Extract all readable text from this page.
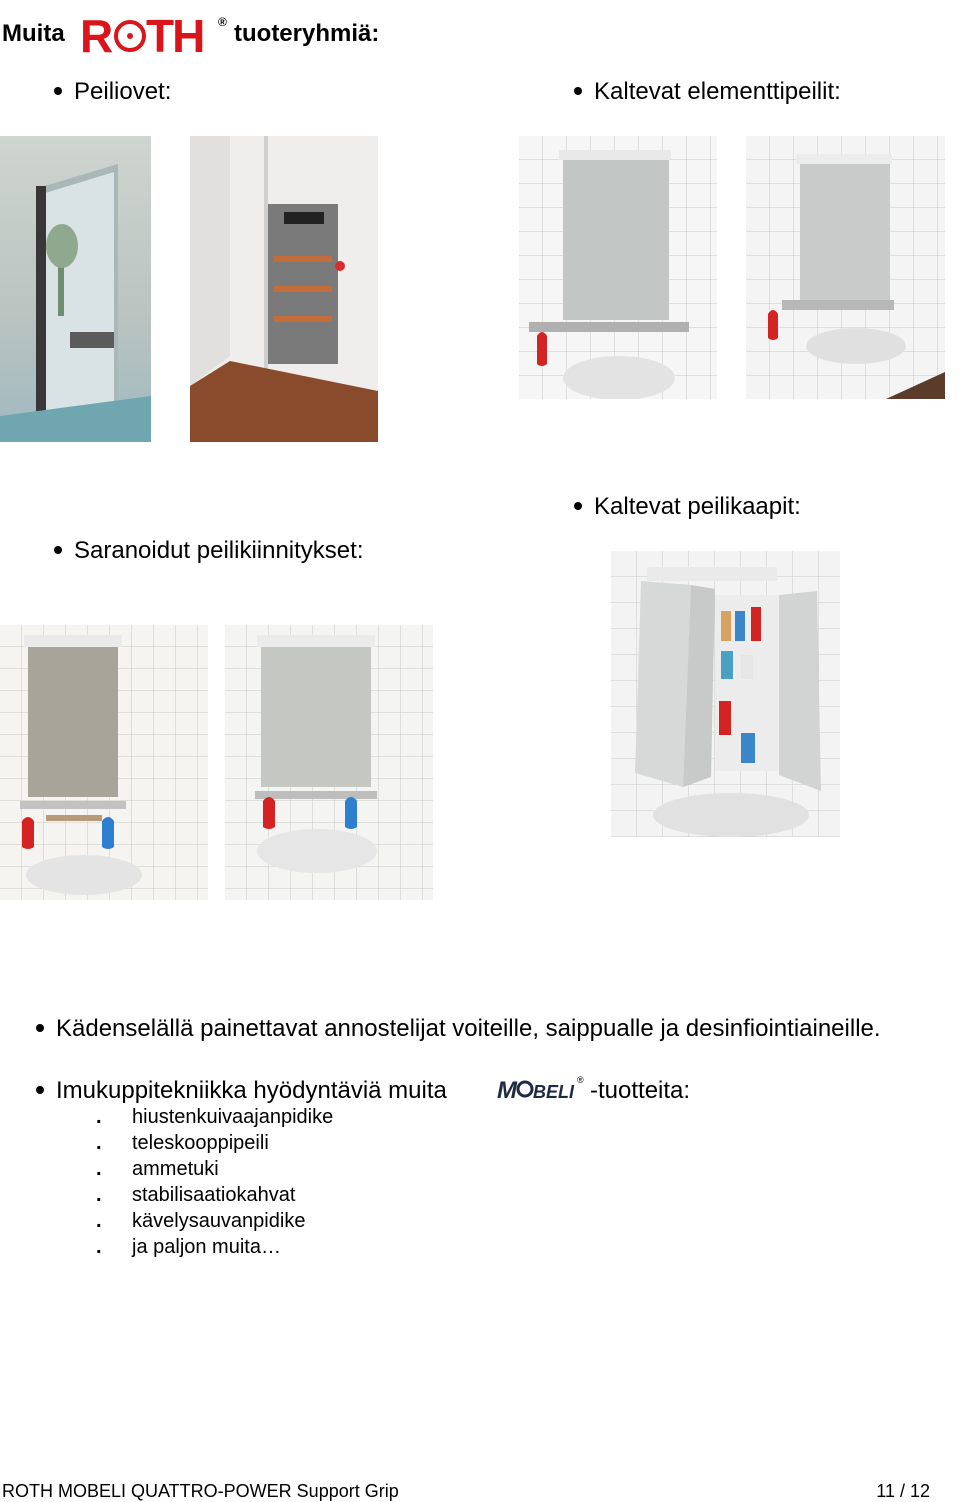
Muita R TH ® tuoteryhmiä:
Peiliovet:	Kaltevat elementtipeilit:
Kaltevat peilikaapit:
Saranoidut peilikiinnitykset:
Kädenselällä painettavat annostelijat voiteille, saippualle ja desinfiointiaineille.
Imukuppitekniikka hyödyntäviä muita M BELI
® -tuotteita:
. hiustenkuivaajanpidike
. teleskooppipeili
. ammetuki
. stabilisaatiokahvat
. kävelysauvanpidike
. ja paljon muita…
ROTH MOBELI QUATTRO-POWER Support Grip	11 / 12
